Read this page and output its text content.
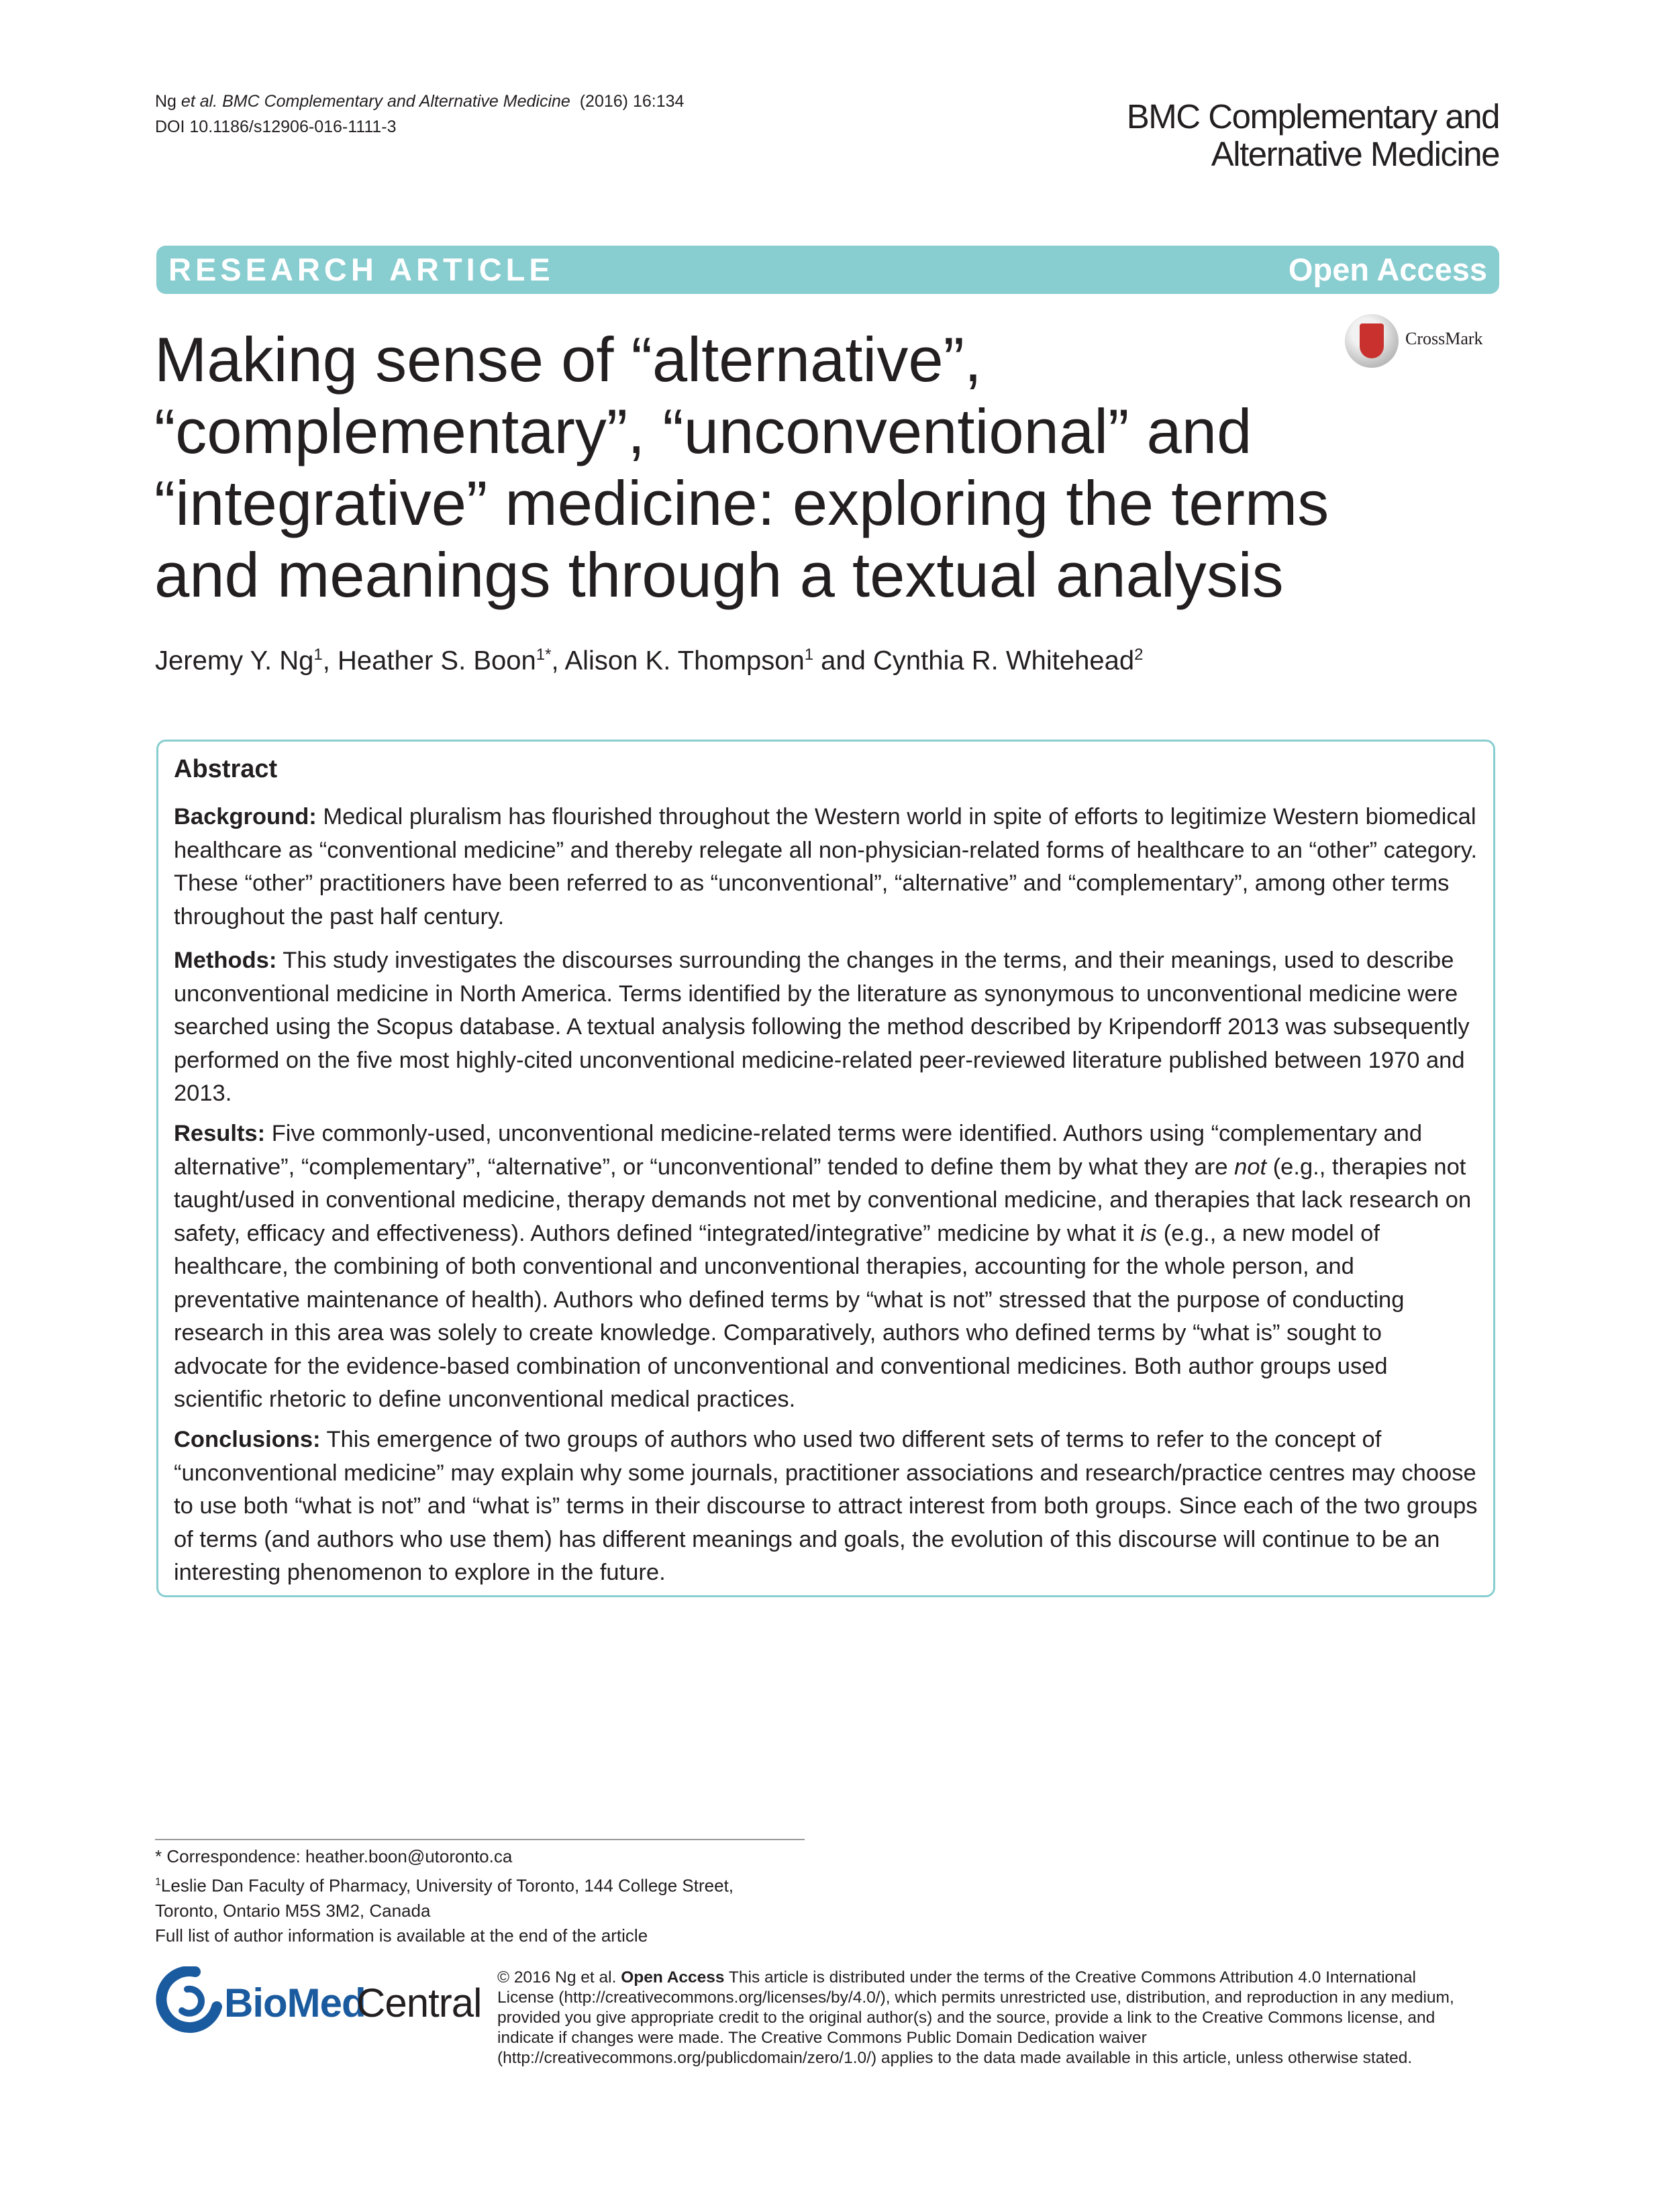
Ng et al. BMC Complementary and Alternative Medicine (2016) 16:134
DOI 10.1186/s12906-016-1111-3	BMC Complementary and
Alternative Medicine
RESEARCH ARTICLE	Open Access
CrossMark
Making sense of “alternative”,
“complementary”, “unconventional” and
“integrative” medicine: exploring the terms
and meanings through a textual analysis
Jeremy Y. Ng$^1$, Heather S. Boon$^{1*}$, Alison K. Thompson$^1$ and Cynthia R. Whitehead$^2$
Abstract
Background: Medical pluralism has flourished throughout the Western world in spite of efforts to legitimize Western biomedical healthcare as “conventional medicine” and thereby relegate all non-physician-related forms of healthcare to an “other” category. These “other” practitioners have been referred to as “unconventional”, “alternative” and “complementary”, among other terms throughout the past half century.
Methods: This study investigates the discourses surrounding the changes in the terms, and their meanings, used to describe unconventional medicine in North America. Terms identified by the literature as synonymous to unconventional medicine were searched using the Scopus database. A textual analysis following the method described by Kripendorff 2013 was subsequently performed on the five most highly-cited unconventional medicine-related peer-reviewed literature published between 1970 and 2013.
Results: Five commonly-used, unconventional medicine-related terms were identified. Authors using “complementary and alternative”, “complementary”, “alternative”, or “unconventional” tended to define them by what they are not (e.g., therapies not taught/used in conventional medicine, therapy demands not met by conventional medicine, and therapies that lack research on safety, efficacy and effectiveness). Authors defined “integrated/integrative” medicine by what it is (e.g., a new model of healthcare, the combining of both conventional and unconventional therapies, accounting for the whole person, and preventative maintenance of health). Authors who defined terms by “what is not” stressed that the purpose of conducting research in this area was solely to create knowledge. Comparatively, authors who defined terms by “what is” sought to advocate for the evidence-based combination of unconventional and conventional medicines. Both author groups used scientific rhetoric to define unconventional medical practices.
Conclusions: This emergence of two groups of authors who used two different sets of terms to refer to the concept of “unconventional medicine” may explain why some journals, practitioner associations and research/practice centres may choose to use both “what is not” and “what is” terms in their discourse to attract interest from both groups. Since each of the two groups of terms (and authors who use them) has different meanings and goals, the evolution of this discourse will continue to be an interesting phenomenon to explore in the future.
* Correspondence: heather.boon@utoronto.ca
$^1$Leslie Dan Faculty of Pharmacy, University of Toronto, 144 College Street,
Toronto, Ontario M5S 3M2, Canada
Full list of author information is available at the end of the article
BioMed
Central
© 2016 Ng et al. Open Access This article is distributed under the terms of the Creative Commons Attribution 4.0 International License (http://creativecommons.org/licenses/by/4.0/), which permits unrestricted use, distribution, and reproduction in any medium, provided you give appropriate credit to the original author(s) and the source, provide a link to the Creative Commons license, and indicate if changes were made. The Creative Commons Public Domain Dedication waiver (http://creativecommons.org/publicdomain/zero/1.0/) applies to the data made available in this article, unless otherwise stated.
